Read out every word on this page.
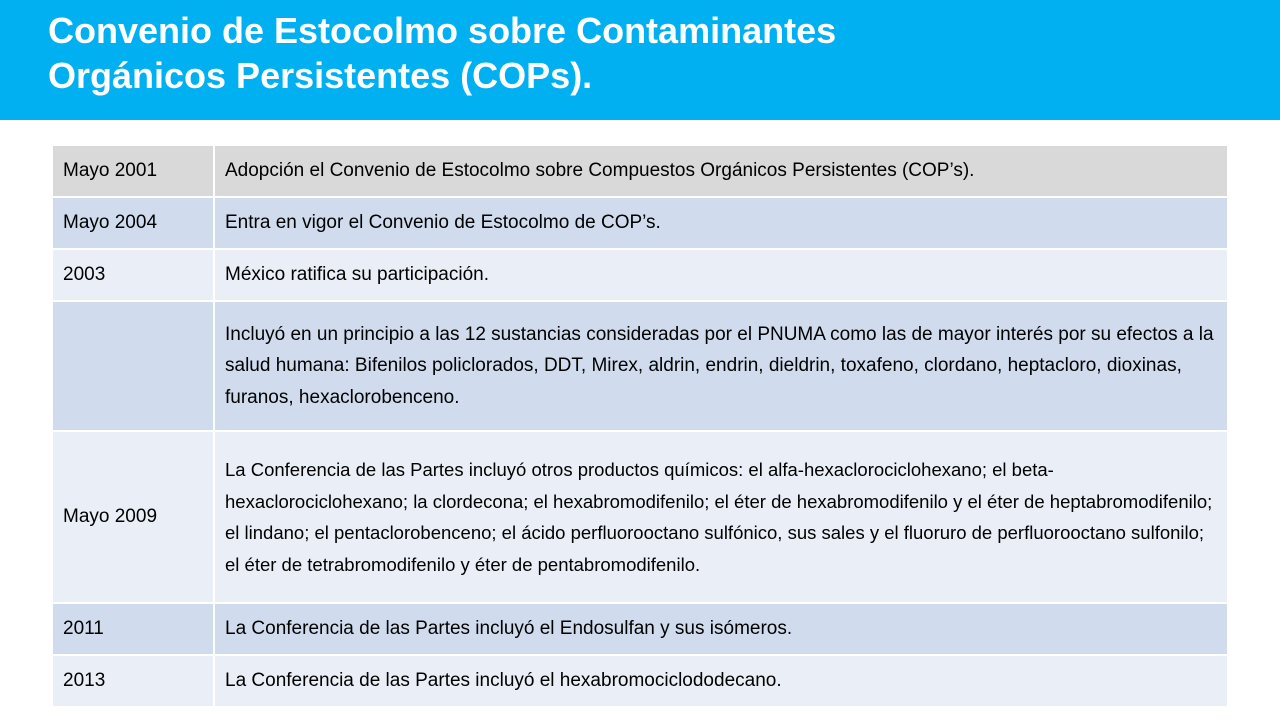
Convenio de Estocolmo sobre Contaminantes
Orgánicos Persistentes (COPs).
Mayo 2001	Adopción el Convenio de Estocolmo sobre Compuestos Orgánicos Persistentes (COP’s).
Mayo 2004	Entra en vigor el Convenio de Estocolmo de COP’s.
2003	México ratifica su participación.
	Incluyó en un principio a las 12 sustancias consideradas por el PNUMA como las de mayor interés por su efectos a la salud humana: Bifenilos policlorados, DDT, Mirex, aldrin, endrin, dieldrin, toxafeno, clordano, heptacloro, dioxinas, furanos, hexaclorobenceno.
Mayo 2009	La Conferencia de las Partes incluyó otros productos químicos: el alfa-hexaclorociclohexano; el beta-hexaclorociclohexano; la clordecona; el hexabromodifenilo; el éter de hexabromodifenilo y el éter de heptabromodifenilo; el lindano; el pentaclorobenceno; el ácido perfluorooctano sulfónico, sus sales y el fluoruro de perfluorooctano sulfonilo; el éter de tetrabromodifenilo y éter de pentabromodifenilo.
2011	La Conferencia de las Partes incluyó el Endosulfan y sus isómeros.
2013	La Conferencia de las Partes incluyó el hexabromociclododecano.
